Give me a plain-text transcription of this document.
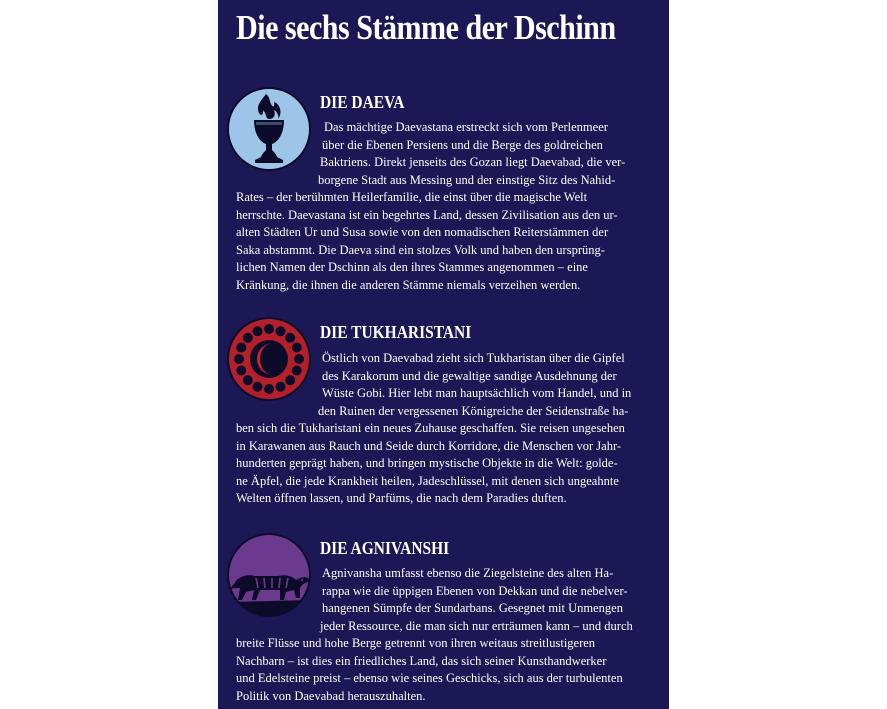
Die sechs Stämme der Dschinn
DIE DAEVA
Das mächtige Daevastana erstreckt sich vom Perlenmeer
über die Ebenen Persiens und die Berge des goldreichen
Baktriens. Direkt jenseits des Gozan liegt Daevabad, die ver-
borgene Stadt aus Messing und der einstige Sitz des Nahid-
Rates – der berühmten Heilerfamilie, die einst über die magische Welt
herrschte. Daevastana ist ein begehrtes Land, dessen Zivilisation aus den ur-
alten Städten Ur und Susa sowie von den nomadischen Reiterstämmen der
Saka abstammt. Die Daeva sind ein stolzes Volk und haben den ursprüng-
lichen Namen der Dschinn als den ihres Stammes angenommen – eine
Kränkung, die ihnen die anderen Stämme niemals verzeihen werden.
DIE TUKHARISTANI
Östlich von Daevabad zieht sich Tukharistan über die Gipfel
des Karakorum und die gewaltige sandige Ausdehnung der
Wüste Gobi. Hier lebt man hauptsächlich vom Handel, und in
den Ruinen der vergessenen Königreiche der Seidenstraße ha-
ben sich die Tukharistani ein neues Zuhause geschaffen. Sie reisen ungesehen
in Karawanen aus Rauch und Seide durch Korridore, die Menschen vor Jahr-
hunderten geprägt haben, und bringen mystische Objekte in die Welt: golde-
ne Äpfel, die jede Krankheit heilen, Jadeschlüssel, mit denen sich ungeahnte
Welten öffnen lassen, und Parfüms, die nach dem Paradies duften.
DIE AGNIVANSHI
Agnivansha umfasst ebenso die Ziegelsteine des alten Ha-
rappa wie die üppigen Ebenen von Dekkan und die nebelver-
hangenen Sümpfe der Sundarbans. Gesegnet mit Unmengen
jeder Ressource, die man sich nur erträumen kann – und durch
breite Flüsse und hohe Berge getrennt von ihren weitaus streitlustigeren
Nachbarn – ist dies ein friedliches Land, das sich seiner Kunsthandwerker
und Edelsteine preist – ebenso wie seines Geschicks, sich aus der turbulenten
Politik von Daevabad herauszuhalten.
